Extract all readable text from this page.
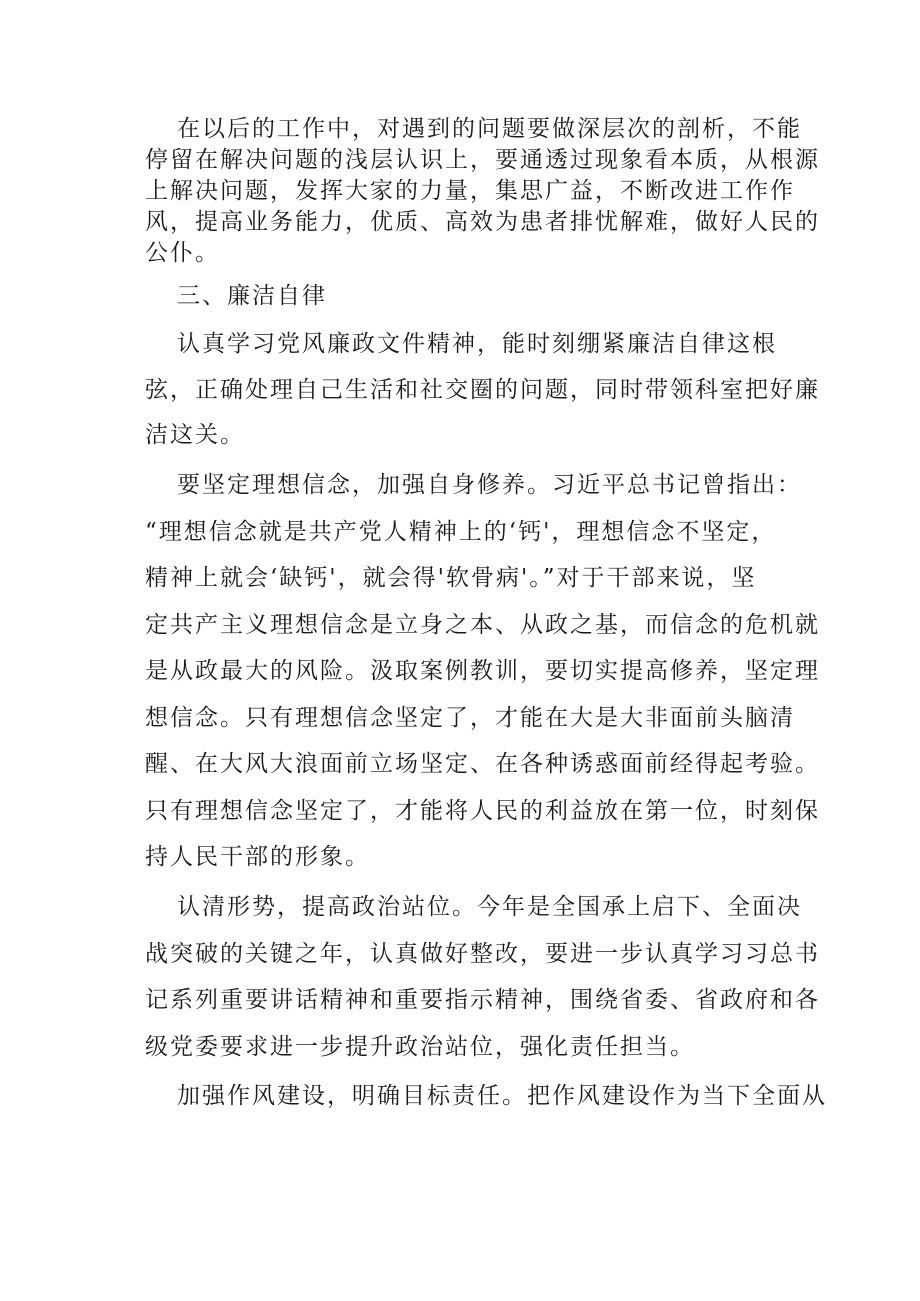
在以后的工作中，对遇到的问题要做深层次的剖析，不能

停留在解决问题的浅层认识上，要通透过现象看本质，从根源

上解决问题，发挥大家的力量，集思广益，不断改进工作作

风，提高业务能力，优质、高效为患者排忧解难，做好人民的

公仆。

三、廉洁自律

认真学习党风廉政文件精神，能时刻绷紧廉洁自律这根

弦，正确处理自己生活和社交圈的问题，同时带领科室把好廉

洁这关。

要坚定理想信念，加强自身修养。习近平总书记曾指出：

“理想信念就是共产党人精神上的‘钙'，理想信念不坚定，

精神上就会‘缺钙'，就会得'软骨病'。”对于干部来说，坚

定共产主义理想信念是立身之本、从政之基，而信念的危机就

是从政最大的风险。汲取案例教训，要切实提高修养，坚定理

想信念。只有理想信念坚定了，才能在大是大非面前头脑清

醒、在大风大浪面前立场坚定、在各种诱惑面前经得起考验。

只有理想信念坚定了，才能将人民的利益放在第一位，时刻保

持人民干部的形象。

认清形势，提高政治站位。今年是全国承上启下、全面决

战突破的关键之年，认真做好整改，要进一步认真学习习总书

记系列重要讲话精神和重要指示精神，围绕省委、省政府和各

级党委要求进一步提升政治站位，强化责任担当。

加强作风建设，明确目标责任。把作风建设作为当下全面从
